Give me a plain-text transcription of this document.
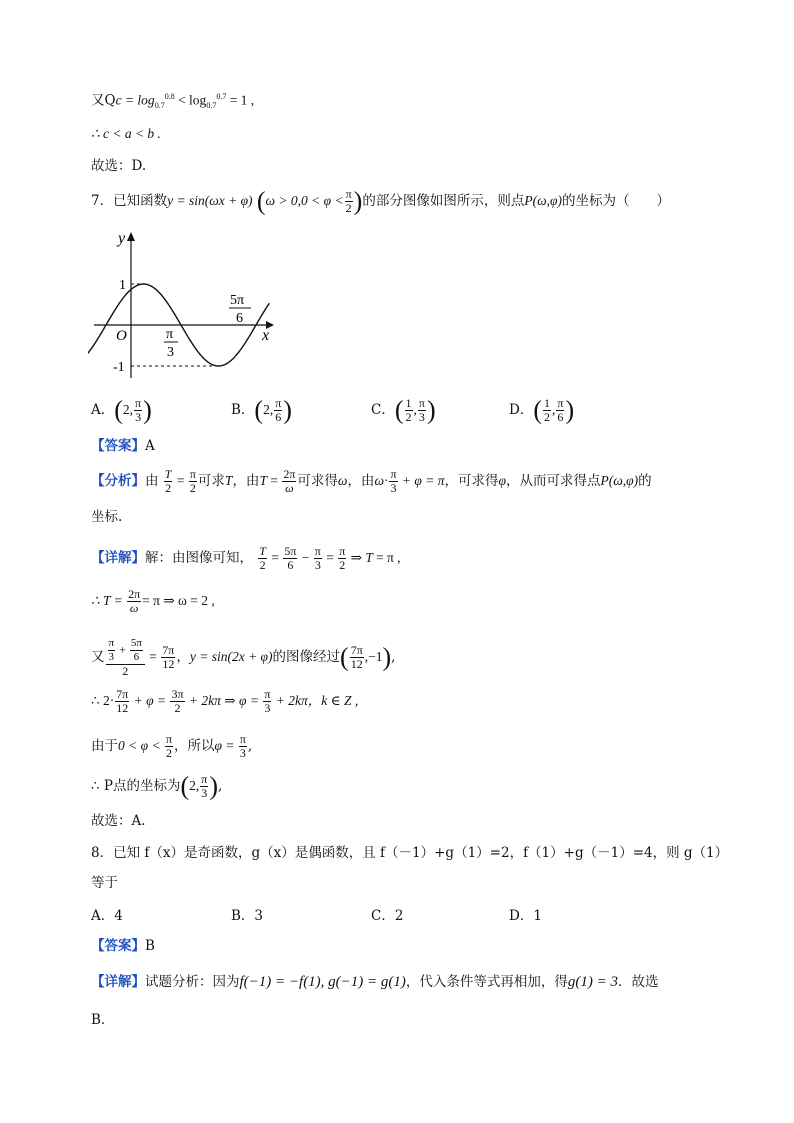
又$Qc = \log_{0.7}^{0.8} < \log_{0.7}^{0.7} = 1$ ,
∴ c < a < b .
故选：D.
7．已知函数y = sin(ωx + φ) ($\omega > 0,0 < \varphi < \frac{\pi}{2}$ )的部分图像如图所示，则点P(ω,φ)的坐标为（　　）
y
x
O
1
-1
π
3
5π
6
A．(2, $\frac{\pi}{3}$ )	B．(2, $\frac{\pi}{6}$ )	C．( $\frac{1}{2}$ , $\frac{\pi}{3}$ )	D．( $\frac{1}{2}$ , $\frac{\pi}{6}$ )
【答案】A
【分析】由 $\frac{T}{2} = \frac{\pi}{2}$ 可求T，由$T = \frac{2\pi}{\omega}$ 可求得ω，由$\omega\cdot \frac{\pi}{3} + \varphi = \pi$，可求得φ，从而可求得点P(ω,φ)的
坐标.
【详解】解：由图像可知， $\frac{T}{2} = \frac{5\pi}{6} - \frac{\pi}{3} = \frac{\pi}{2}$ ⇒ T = π ,
∴ $T = \frac{2\pi}{\omega} = \pi$ ⇒ ω = 2 ,
又 $\frac{\frac{\pi}{3} + \frac{5\pi}{6}}{2} = \frac{7\pi}{12}$ ，y = sin(2x + φ)的图像经过( $\frac{7\pi}{12} ,-1$),
∴ $2\cdot \frac{7\pi}{12} + \varphi = \frac{3\pi}{2} + 2k\pi$ ⇒ $\varphi = \frac{\pi}{3} + 2k\pi$，k ∈ Z ,
由于$0 < \varphi < \frac{\pi}{2}$ ，所以$\varphi = \frac{\pi}{3}$ ,
∴ P点的坐标为(2, $\frac{\pi}{3}$ ),
故选：A.
8．已知 f（x）是奇函数，g（x）是偶函数，且 f（－1）+g（1）=2，f（1）+g（－1）=4，则 g（1）
等于
A．4	B．3	C．2	D．1
【答案】B
【详解】试题分析：因为f(−1) = −f(1), g(−1) = g(1)，代入条件等式再相加，得g(1) = 3．故选
B．
